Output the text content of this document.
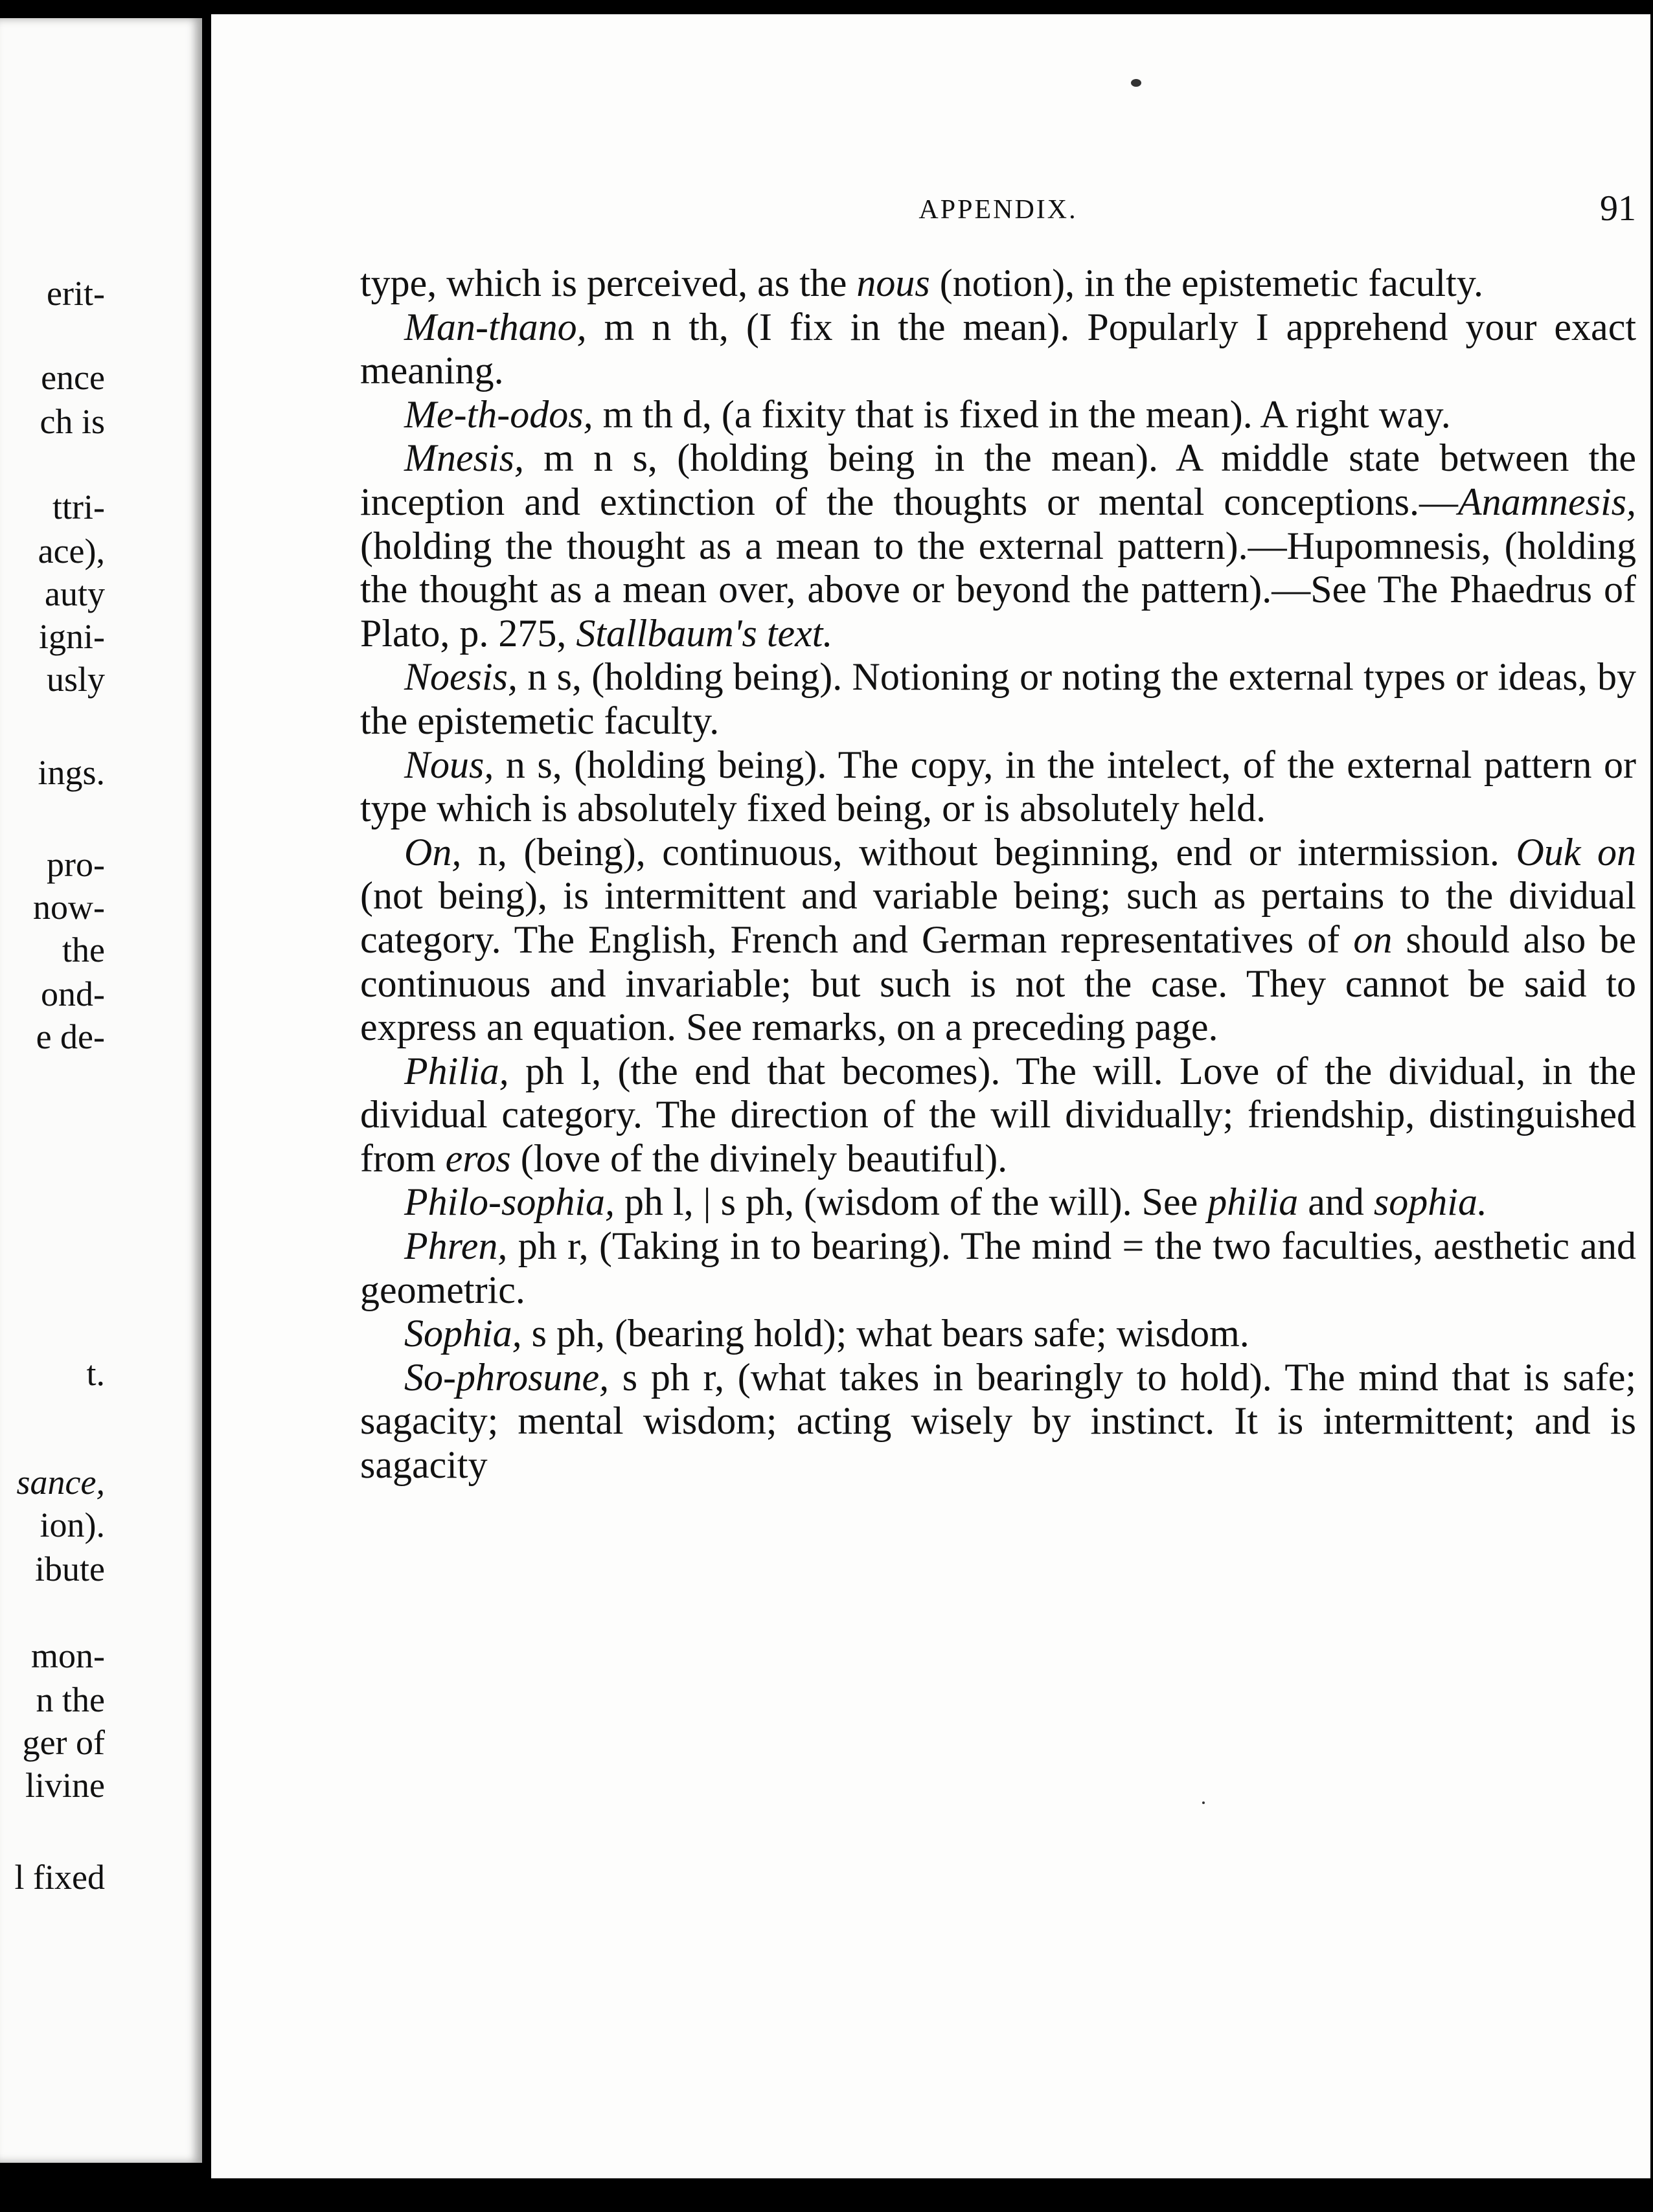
erit-

ence

ch is

ttri-

ace),

auty

igni-

usly

ings.

pro-

now-

the

ond-

e de-

t.

sance,

ion).

ibute

mon-

n the

ger of

livine

l fixed

APPENDIX.	91

type, which is perceived, as the nous (notion), in the epistemetic faculty.

Man-thano, m n th, (I fix in the mean). Popularly I apprehend your exact meaning.

Me-th-odos, m th d, (a fixity that is fixed in the mean). A right way.

Mnesis, m n s, (holding being in the mean). A middle state between the inception and extinction of the thoughts or mental conceptions.—Anamnesis, (holding the thought as a mean to the external pattern).—Hupomnesis, (holding the thought as a mean over, above or beyond the pattern).—See The Phaedrus of Plato, p. 275, Stallbaum's text.

Noesis, n s, (holding being). Notioning or noting the external types or ideas, by the epistemetic faculty.

Nous, n s, (holding being). The copy, in the intelect, of the external pattern or type which is absolutely fixed being, or is absolutely held.

On, n, (being), continuous, without beginning, end or intermission. Ouk on (not being), is intermittent and variable being; such as pertains to the dividual category. The English, French and German representatives of on should also be continuous and invariable; but such is not the case. They cannot be said to express an equation. See remarks, on a preceding page.

Philia, ph l, (the end that becomes). The will. Love of the dividual, in the dividual category. The direction of the will dividually; friendship, distinguished from eros (love of the divinely beautiful).

Philo-sophia, ph l, | s ph, (wisdom of the will). See philia and sophia.

Phren, ph r, (Taking in to bearing). The mind = the two faculties, aesthetic and geometric.

Sophia, s ph, (bearing hold); what bears safe; wisdom.

So-phrosune, s ph r, (what takes in bearingly to hold). The mind that is safe; sagacity; mental wisdom; acting wisely by instinct. It is intermittent; and is sagacity
